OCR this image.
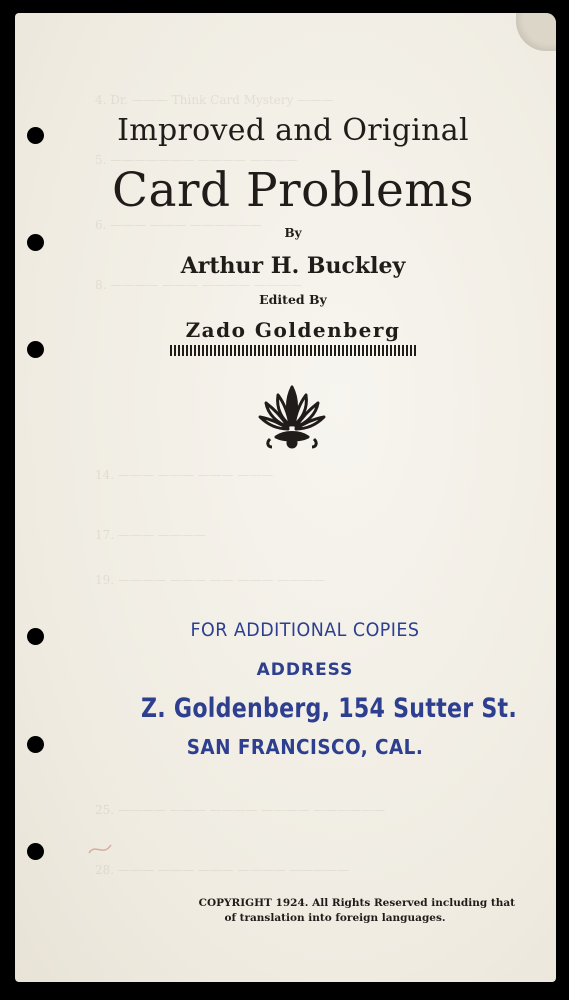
4. Dr. ——— Think Card Mystery ———
5. ——————— ———— ————
6. ——— ——— ——————
8. ———— ——— ———— ————
14. ——— ——— ——— ———
17. ——— ————
19. ———— ——— —— ——— ————
25. ———— ——— ———— ———— ——————
28. ——— ——— ——— ———— —————
Improved and Original
Card Problems
By
Arthur H. Buckley
Edited By
Zado Goldenberg
FOR ADDITIONAL COPIES
ADDRESS
Z. Goldenberg, 154 Sutter St.
SAN FRANCISCO, CAL.
COPYRIGHT 1924. All Rights Reserved including that
of translation into foreign languages.
